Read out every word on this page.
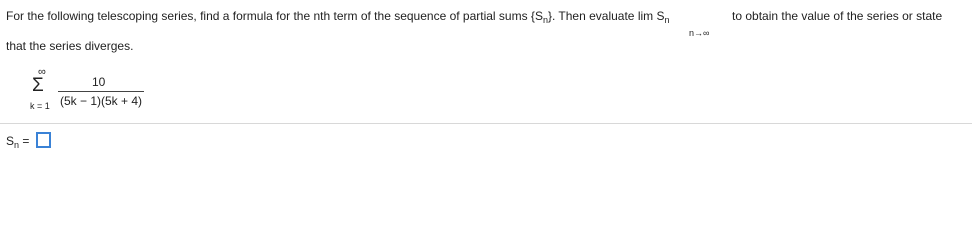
For the following telescoping series, find a formula for the nth term of the sequence of partial sums $\{S_n\}$. Then evaluate $\lim S_n$	to obtain the value of the series or state
n→∞
that the series diverges.
∞
Σ
k = 1
10
(5k − 1)(5k + 4)
$S_n$ =
